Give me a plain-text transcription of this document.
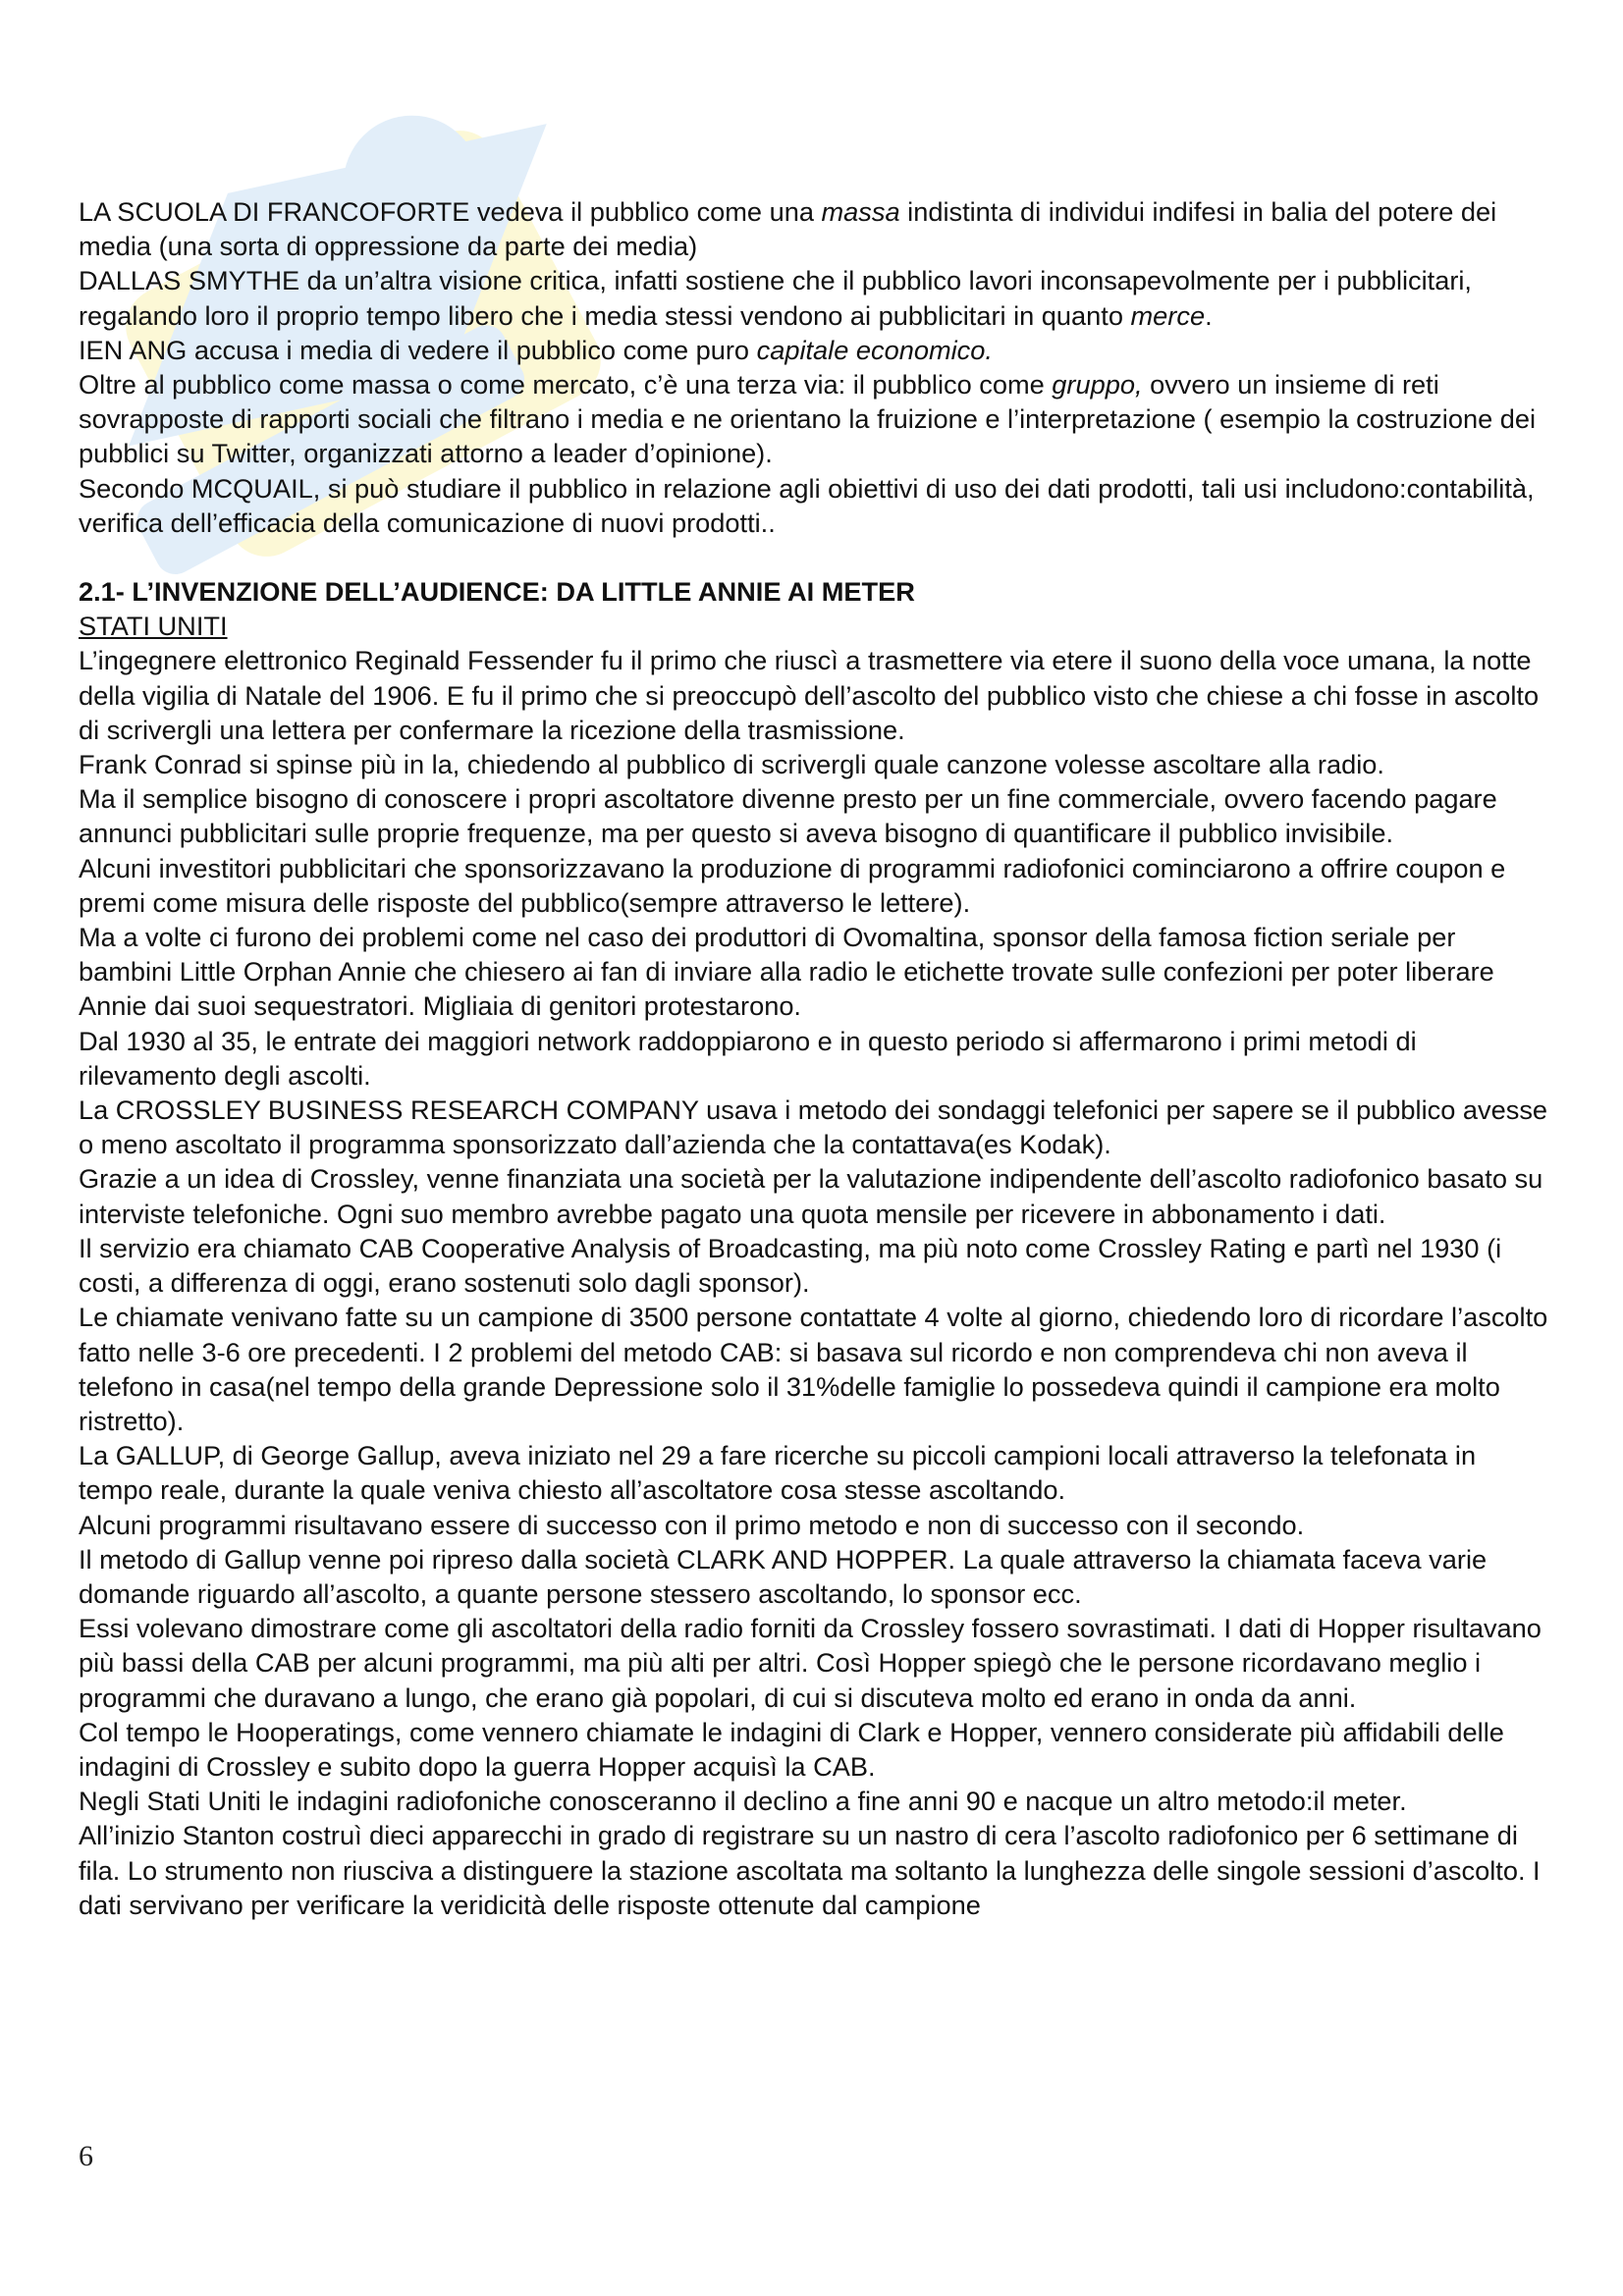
LA SCUOLA DI FRANCOFORTE vedeva il pubblico come una massa indistinta di individui indifesi in balia del potere dei media (una sorta di oppressione da parte dei media)

DALLAS SMYTHE da un’altra visione critica, infatti sostiene che il pubblico lavori inconsapevolmente per i pubblicitari, regalando loro il proprio tempo libero che i media stessi vendono ai pubblicitari in quanto merce.

IEN ANG accusa i media di vedere il pubblico come puro capitale economico.

Oltre al pubblico come massa o come mercato, c’è una terza via: il pubblico come gruppo, ovvero un insieme di reti sovrapposte di rapporti sociali che filtrano i media e ne orientano la fruizione e l’interpretazione ( esempio la costruzione dei pubblici su Twitter, organizzati attorno a leader d’opinione).

Secondo MCQUAIL, si può studiare il pubblico in relazione agli obiettivi di uso dei dati prodotti, tali usi includono:contabilità, verifica dell’efficacia della comunicazione di nuovi prodotti..

2.1- L’INVENZIONE DELL’AUDIENCE: DA LITTLE ANNIE AI METER

STATI UNITI

L’ingegnere elettronico Reginald Fessender fu il primo che riuscì a trasmettere via etere il suono della voce umana, la notte della vigilia di Natale del 1906. E fu il primo che si preoccupò dell’ascolto del pubblico visto che chiese a chi fosse in ascolto di scrivergli una lettera per confermare la ricezione della trasmissione.

Frank Conrad si spinse più in la, chiedendo al pubblico di scrivergli quale canzone volesse ascoltare alla radio.

Ma il semplice bisogno di conoscere i propri ascoltatore divenne presto per un fine commerciale, ovvero facendo pagare annunci pubblicitari sulle proprie frequenze, ma per questo si aveva bisogno di quantificare il pubblico invisibile.

Alcuni investitori pubblicitari che sponsorizzavano la produzione di programmi radiofonici cominciarono a offrire coupon e premi come misura delle risposte del pubblico(sempre attraverso le lettere).

Ma a volte ci furono dei problemi come nel caso dei produttori di Ovomaltina, sponsor della famosa fiction seriale per bambini Little Orphan Annie che chiesero ai fan di inviare alla radio le etichette trovate sulle confezioni per poter liberare Annie dai suoi sequestratori. Migliaia di genitori protestarono.

Dal 1930 al 35, le entrate dei maggiori network raddoppiarono e in questo periodo si affermarono i primi metodi di rilevamento degli ascolti.

La CROSSLEY BUSINESS RESEARCH COMPANY usava i metodo dei sondaggi telefonici per sapere se il pubblico avesse o meno ascoltato il programma sponsorizzato dall’azienda che la contattava(es Kodak).

Grazie a un idea di Crossley, venne finanziata una società per la valutazione indipendente dell’ascolto radiofonico basato su interviste telefoniche. Ogni suo membro avrebbe pagato una quota mensile per ricevere in abbonamento i dati.

Il servizio era chiamato CAB Cooperative Analysis of Broadcasting, ma più noto come Crossley Rating e partì nel 1930 (i costi, a differenza di oggi, erano sostenuti solo dagli sponsor).

Le chiamate venivano fatte su un campione di 3500 persone contattate 4 volte al giorno, chiedendo loro di ricordare l’ascolto fatto nelle 3-6 ore precedenti. I 2 problemi del metodo CAB: si basava sul ricordo e non comprendeva chi non aveva il telefono in casa(nel tempo della grande Depressione solo il 31%delle famiglie lo possedeva quindi il campione era molto ristretto).

La GALLUP, di George Gallup, aveva iniziato nel 29 a fare ricerche su piccoli campioni locali attraverso la telefonata in tempo reale, durante la quale veniva chiesto all’ascoltatore cosa stesse ascoltando.

Alcuni programmi risultavano essere di successo con il primo metodo e non di successo con il secondo.

Il metodo di Gallup venne poi ripreso dalla società CLARK AND HOPPER. La quale attraverso la chiamata faceva varie domande riguardo all’ascolto, a quante persone stessero ascoltando, lo sponsor ecc.

Essi volevano dimostrare come gli ascoltatori della radio forniti da Crossley fossero sovrastimati. I dati di Hopper risultavano più bassi della CAB per alcuni programmi, ma più alti per altri. Così Hopper spiegò che le persone ricordavano meglio i programmi che duravano a lungo, che erano già popolari, di cui si discuteva molto ed erano in onda da anni.

Col tempo le Hooperatings, come vennero chiamate le indagini di Clark e Hopper, vennero considerate più affidabili delle indagini di Crossley e subito dopo la guerra Hopper acquisì la CAB.

Negli Stati Uniti le indagini radiofoniche conosceranno il declino a fine anni 90 e nacque un altro metodo:il meter.

All’inizio Stanton costruì dieci apparecchi in grado di registrare su un nastro di cera l’ascolto radiofonico per 6 settimane di fila. Lo strumento non riusciva a distinguere la stazione ascoltata ma soltanto la lunghezza delle singole sessioni d’ascolto. I dati servivano per verificare la veridicità delle risposte ottenute dal campione

6
